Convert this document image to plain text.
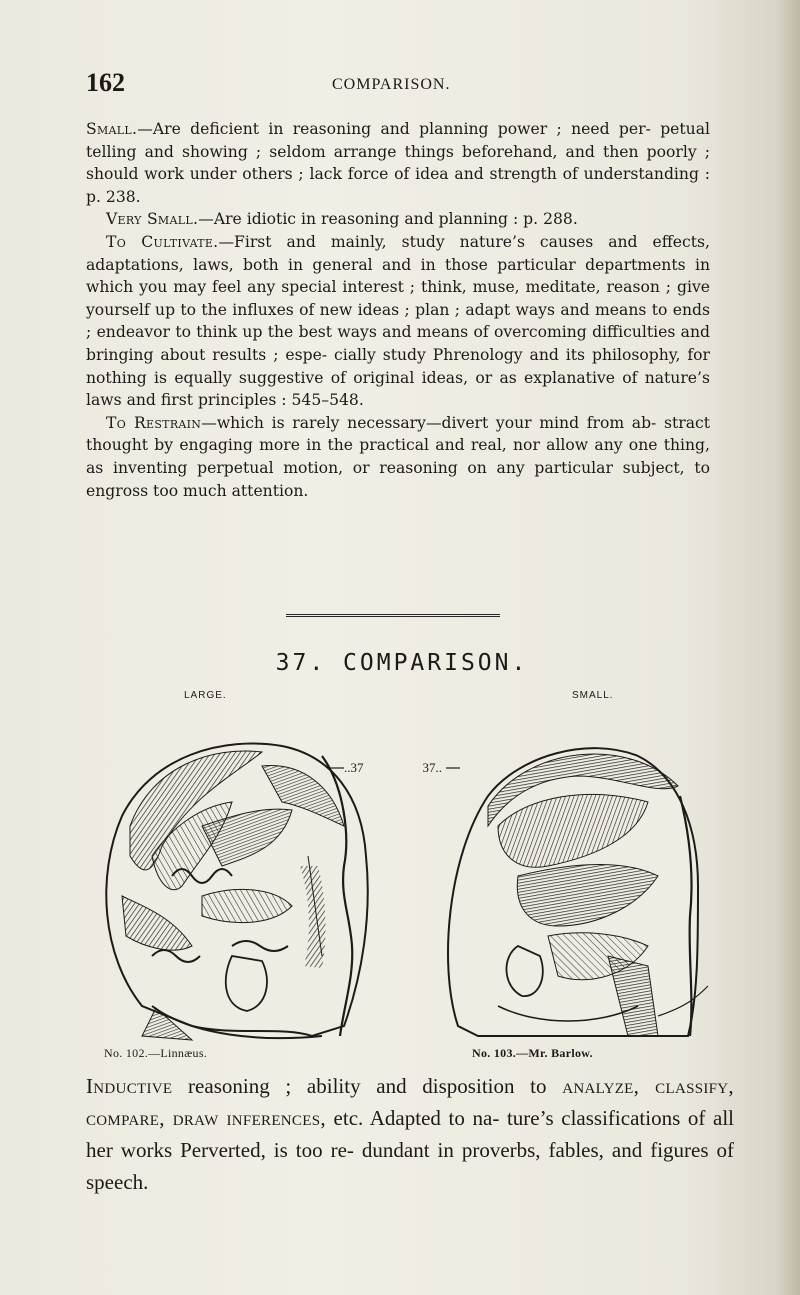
162	COMPARISON.

Small.—Are deficient in reasoning and planning power ; need per- petual telling and showing ; seldom arrange things beforehand, and then poorly ; should work under others ; lack force of idea and strength of understanding : p. 238.

Very Small.—Are idiotic in reasoning and planning : p. 288.

To Cultivate.—First and mainly, study nature’s causes and effects, adaptations, laws, both in general and in those particular departments in which you may feel any special interest ; think, muse, meditate, reason ; give yourself up to the influxes of new ideas ; plan ; adapt ways and means to ends ; endeavor to think up the best ways and means of overcoming difficulties and bringing about results ; espe- cially study Phrenology and its philosophy, for nothing is equally suggestive of original ideas, or as explanative of nature’s laws and first principles : 545–548.

To Restrain—which is rarely necessary—divert your mind from ab- stract thought by engaging more in the practical and real, nor allow any one thing, as inventing perpetual motion, or reasoning on any particular subject, to engross too much attention.

37. COMPARISON.
LARGE.	SMALL.
..37	37..
No. 102.—Linnæus.	No. 103.—Mr. Barlow.

Inductive reasoning ; ability and disposition to analyze, classify, compare, draw inferences, etc. Adapted to na- ture’s classifications of all her works Perverted, is too re- dundant in proverbs, fables, and figures of speech.
